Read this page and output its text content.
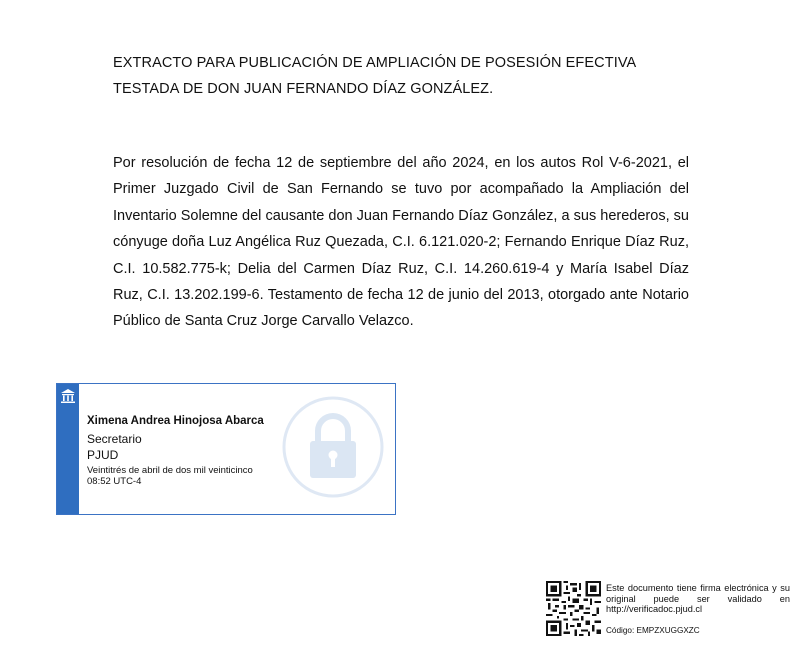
EXTRACTO PARA PUBLICACIÓN DE AMPLIACIÓN DE POSESIÓN EFECTIVA
TESTADA DE DON JUAN FERNANDO DÍAZ GONZÁLEZ.
Por resolución de fecha 12 de septiembre del año 2024, en los autos Rol V-6-2021, el Primer Juzgado Civil de San Fernando se tuvo por acompañado la Ampliación del Inventario Solemne del causante don Juan Fernando Díaz González, a sus herederos, su cónyuge doña Luz Angélica Ruz Quezada, C.I. 6.121.020-2; Fernando Enrique Díaz Ruz, C.I. 10.582.775-k; Delia del Carmen Díaz Ruz, C.I. 14.260.619-4 y María Isabel Díaz Ruz, C.I. 13.202.199-6. Testamento de fecha 12 de junio del 2013, otorgado ante Notario Público de Santa Cruz Jorge Carvallo Velazco.
Ximena Andrea Hinojosa Abarca
Secretario
PJUD
Veintitrés de abril de dos mil veinticinco
08:52 UTC-4
Este documento tiene firma electrónica y su original puede ser validado en http://verificadoc.pjud.cl
Código: EMPZXUGGXZC
